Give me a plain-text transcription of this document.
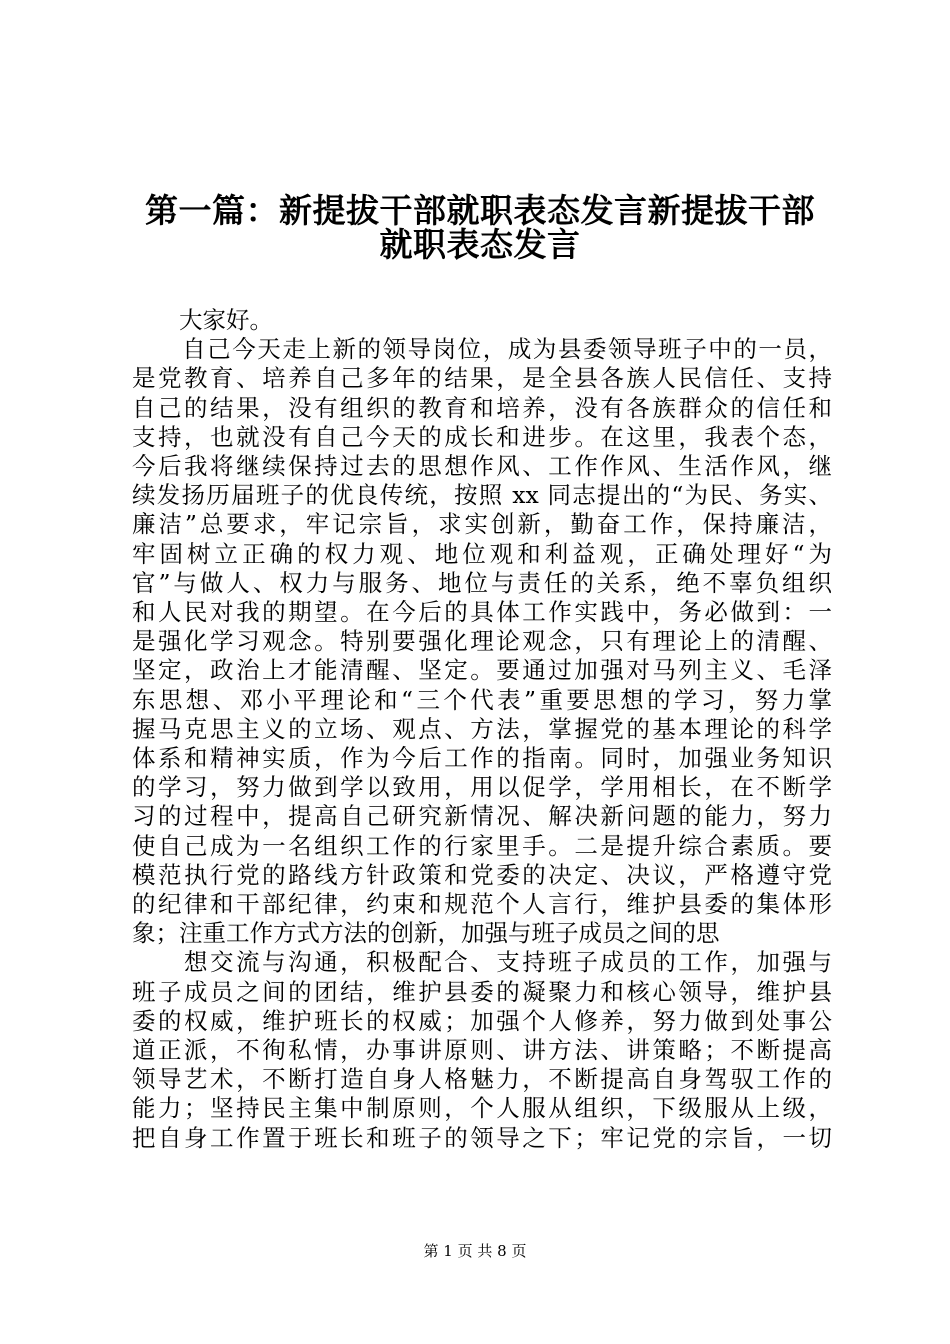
第一篇：新提拔干部就职表态发言新提拔干部
就职表态发言
　　大家好。
　　自己今天走上新的领导岗位，成为县委领导班子中的一员，
是党教育、培养自己多年的结果，是全县各族人民信任、支持
自己的结果，没有组织的教育和培养，没有各族群众的信任和
支持，也就没有自己今天的成长和进步。在这里，我表个态，
今后我将继续保持过去的思想作风、工作作风、生活作风，继
续发扬历届班子的优良传统，按照 xx 同志提出的“为民、务实、
廉洁”总要求，牢记宗旨，求实创新，勤奋工作，保持廉洁，
牢固树立正确的权力观、地位观和利益观，正确处理好“为
官”与做人、权力与服务、地位与责任的关系，绝不辜负组织
和人民对我的期望。在今后的具体工作实践中，务必做到：一
是强化学习观念。特别要强化理论观念，只有理论上的清醒、
坚定，政治上才能清醒、坚定。要通过加强对马列主义、毛泽
东思想、邓小平理论和“三个代表”重要思想的学习，努力掌
握马克思主义的立场、观点、方法，掌握党的基本理论的科学
体系和精神实质，作为今后工作的指南。同时，加强业务知识
的学习，努力做到学以致用，用以促学，学用相长，在不断学
习的过程中，提高自己研究新情况、解决新问题的能力，努力
使自己成为一名组织工作的行家里手。二是提升综合素质。要
模范执行党的路线方针政策和党委的决定、决议，严格遵守党
的纪律和干部纪律，约束和规范个人言行，维护县委的集体形
象；注重工作方式方法的创新，加强与班子成员之间的思
　　想交流与沟通，积极配合、支持班子成员的工作，加强与
班子成员之间的团结，维护县委的凝聚力和核心领导，维护县
委的权威，维护班长的权威；加强个人修养，努力做到处事公
道正派，不徇私情，办事讲原则、讲方法、讲策略；不断提高
领导艺术，不断打造自身人格魅力，不断提高自身驾驭工作的
能力；坚持民主集中制原则，个人服从组织，下级服从上级，
把自身工作置于班长和班子的领导之下；牢记党的宗旨，一切
第 1 页 共 8 页
